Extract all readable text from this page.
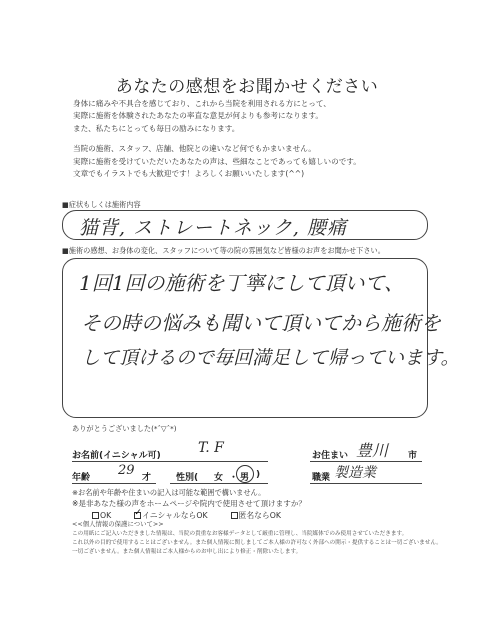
あなたの感想をお聞かせください

身体に痛みや不具合を感じており、これから当院を利用される方にとって、

実際に施術を体験されたあなたの率直な意見が何よりも参考になります。

また、私たちにとっても毎日の励みになります。

当院の施術、スタッフ、店舗、他院との違いなど何でもかまいません。

実際に施術を受けていただいたあなたの声は、些細なことであっても嬉しいのです。

文章でもイラストでも大歓迎です！よろしくお願いいたします(^^)

■症状もしくは施術内容
猫背, ストレートネック, 腰痛
■施術の感想、お身体の変化、スタッフについて等の院の雰囲気など皆様のお声をお聞かせ下さい。
1回1回の施術を丁寧にして頂いて、
その時の悩みも聞いて頂いてから施術を
して頂けるので毎回満足して帰っています。
ありがとうございました(*ˆ▽ˆ*)
お名前(イニシャル可)	T. F	お住まい 豊川 市
年齢 29 才	性別( 女 ・ 男 )	職業 製造業
※お名前や年齢や住まいの記入は可能な範囲で構いません。
※是非あなた様の声をホームページや院内で使用させて頂けますか？
OK  ✓	イニシャルならOK	匿名ならOK
<<個人情報の保護について>>
この用紙にご記入いただきました情報は、当院の貴重なお客様データとして厳重に管理し、当院媒体でのみ使用させていただきます。
これ以外の目的で使用することはございません。また個人情報に関しましてご本人様の許可なく外部への開示・提供することは一切ございません。
一切ございません。また個人情報はご本人様からのお申し出により修正・削除いたします。
